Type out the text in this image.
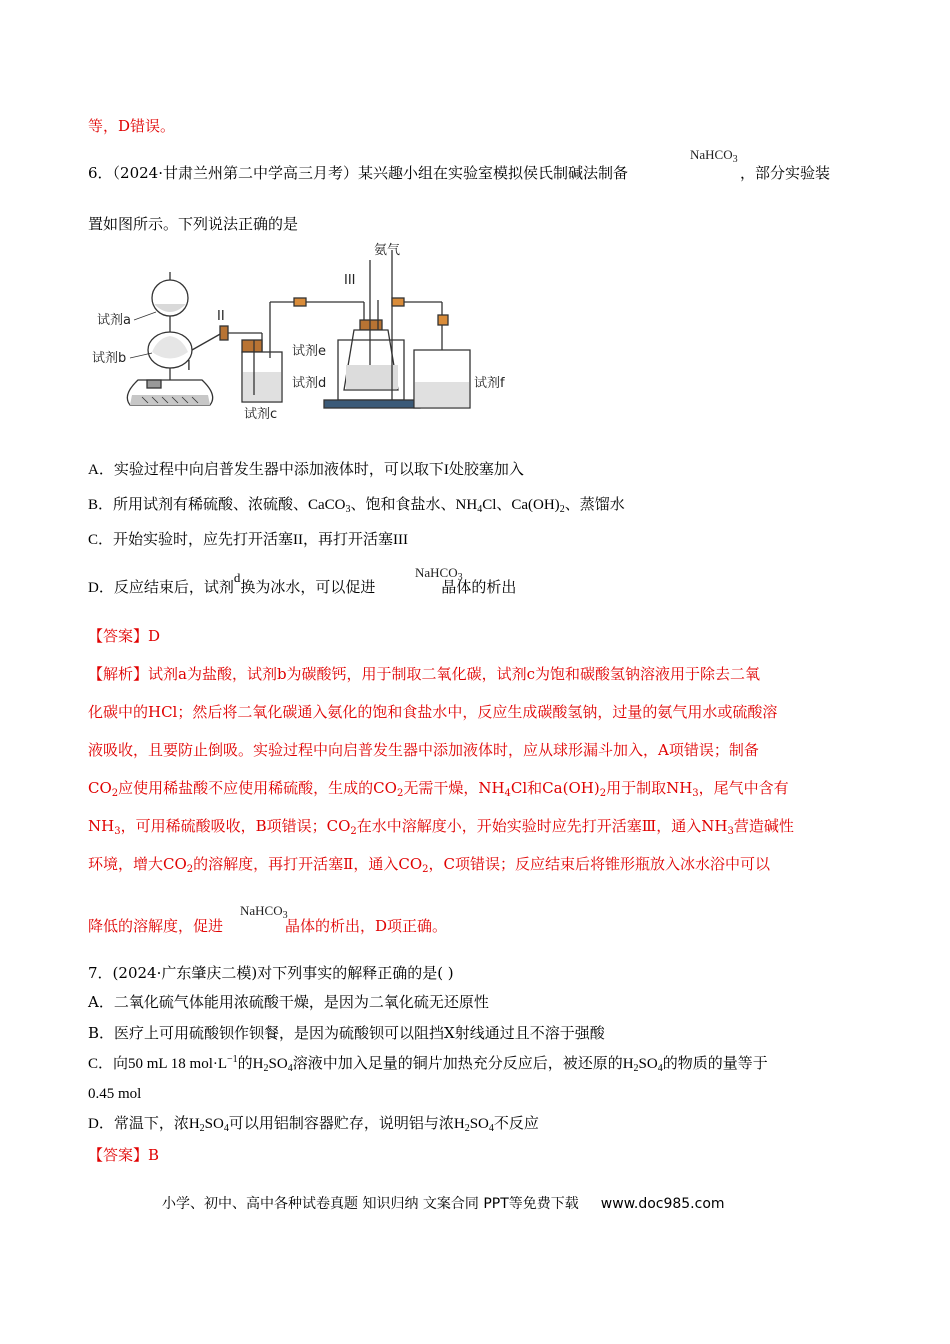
等，D错误。
6．（2024·甘肃兰州第二中学高三月考）某兴趣小组在实验室模拟侯氏制碱法制备	，部分实验装
NaHCO$_3$
置如图所示。下列说法正确的是
试剂a
试剂b
II
I
试剂c
氨气
III
试剂e
试剂d	试剂f
A．实验过程中向启普发生器中添加液体时，可以取下I处胶塞加入
B．所用试剂有稀硫酸、浓硫酸、CaCO$_3$、饱和食盐水、$NH_4Cl$、$Ca(OH)_2$、蒸馏水
C．开始实验时，应先打开活塞II，再打开活塞III
D．反应结束后，试剂d换为冰水，可以促进	晶体的析出
NaHCO$_3$
【答案】D
【解析】试剂a为盐酸，试剂b为碳酸钙，用于制取二氧化碳，试剂c为饱和碳酸氢钠溶液用于除去二氧
化碳中的HCl；然后将二氧化碳通入氨化的饱和食盐水中，反应生成碳酸氢钠，过量的氨气用水或硫酸溶
液吸收，且要防止倒吸。实验过程中向启普发生器中添加液体时，应从球形漏斗加入，A项错误；制备
$CO_2$应使用稀盐酸不应使用稀硫酸，生成的$CO_2$无需干燥，$NH_4Cl$和$Ca(OH)_2$用于制取$NH_3$，尾气中含有
$NH_3$，可用稀硫酸吸收，B项错误；$CO_2$在水中溶解度小，开始实验时应先打开活塞Ⅲ，通入$NH_3$营造碱性
环境，增大$CO_2$的溶解度，再打开活塞Ⅱ，通入$CO_2$，C项错误；反应结束后将锥形瓶放入冰水浴中可以
降低的溶解度，促进	晶体的析出，D项正确。
NaHCO$_3$
7．(2024·广东肇庆二模)对下列事实的解释正确的是( )
A．二氧化硫气体能用浓硫酸干燥，是因为二氧化硫无还原性
B．医疗上可用硫酸钡作钡餐，是因为硫酸钡可以阻挡X射线通过且不溶于强酸
C．向50 mL 18 $mol\cdot L^{-1}$的$H_2SO_4$溶液中加入足量的铜片加热充分反应后，被还原的$H_2SO_4$的物质的量等于
0.45 mol
D．常温下，浓$H_2SO_4$可以用铝制容器贮存，说明铝与浓$H_2SO_4$不反应
【答案】B
小学、初中、高中各种试卷真题 知识归纳 文案合同 PPT等免费下载 www.doc985.com
